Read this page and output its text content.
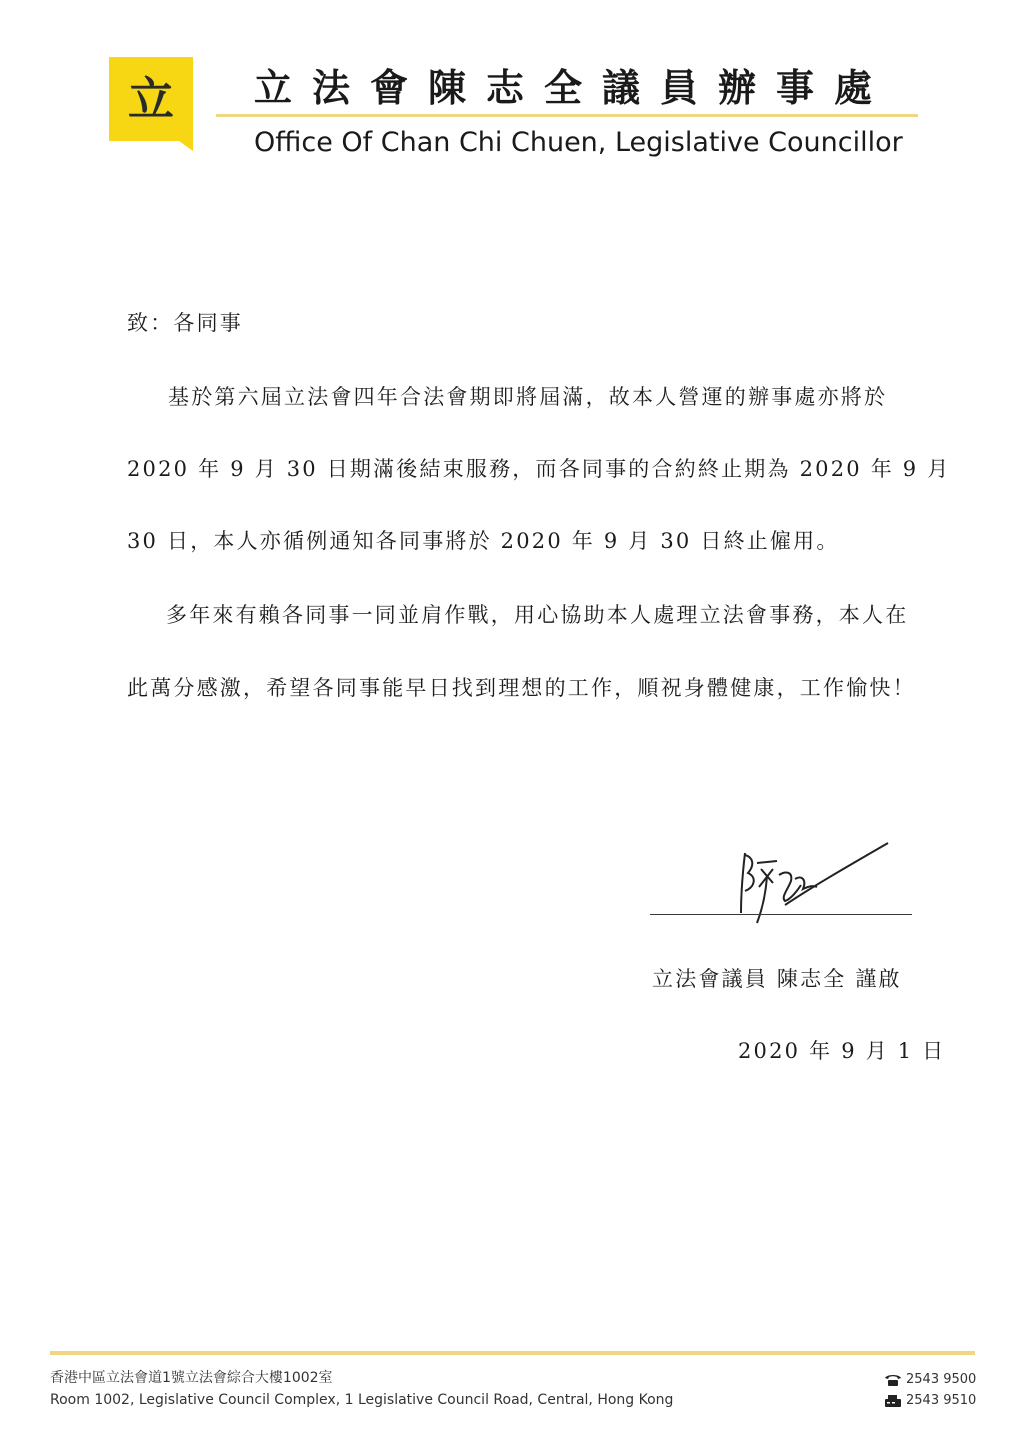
立 立法會陳志全議員辦事處
Office Of Chan Chi Chuen, Legislative Councillor
致：各同事
基於第六屆立法會四年合法會期即將屆滿，故本人營運的辦事處亦將於
2020 年 9 月 30 日期滿後結束服務，而各同事的合約終止期為 2020 年 9 月
30 日，本人亦循例通知各同事將於 2020 年 9 月 30 日終止僱用。
多年來有賴各同事一同並肩作戰，用心協助本人處理立法會事務，本人在
此萬分感激，希望各同事能早日找到理想的工作，順祝身體健康，工作愉快！
立法會議員 陳志全 謹啟
2020 年 9 月 1 日
香港中區立法會道1號立法會綜合大樓1002室
Room 1002, Legislative Council Complex, 1 Legislative Council Road, Central, Hong Kong
2543 9500
2543 9510
